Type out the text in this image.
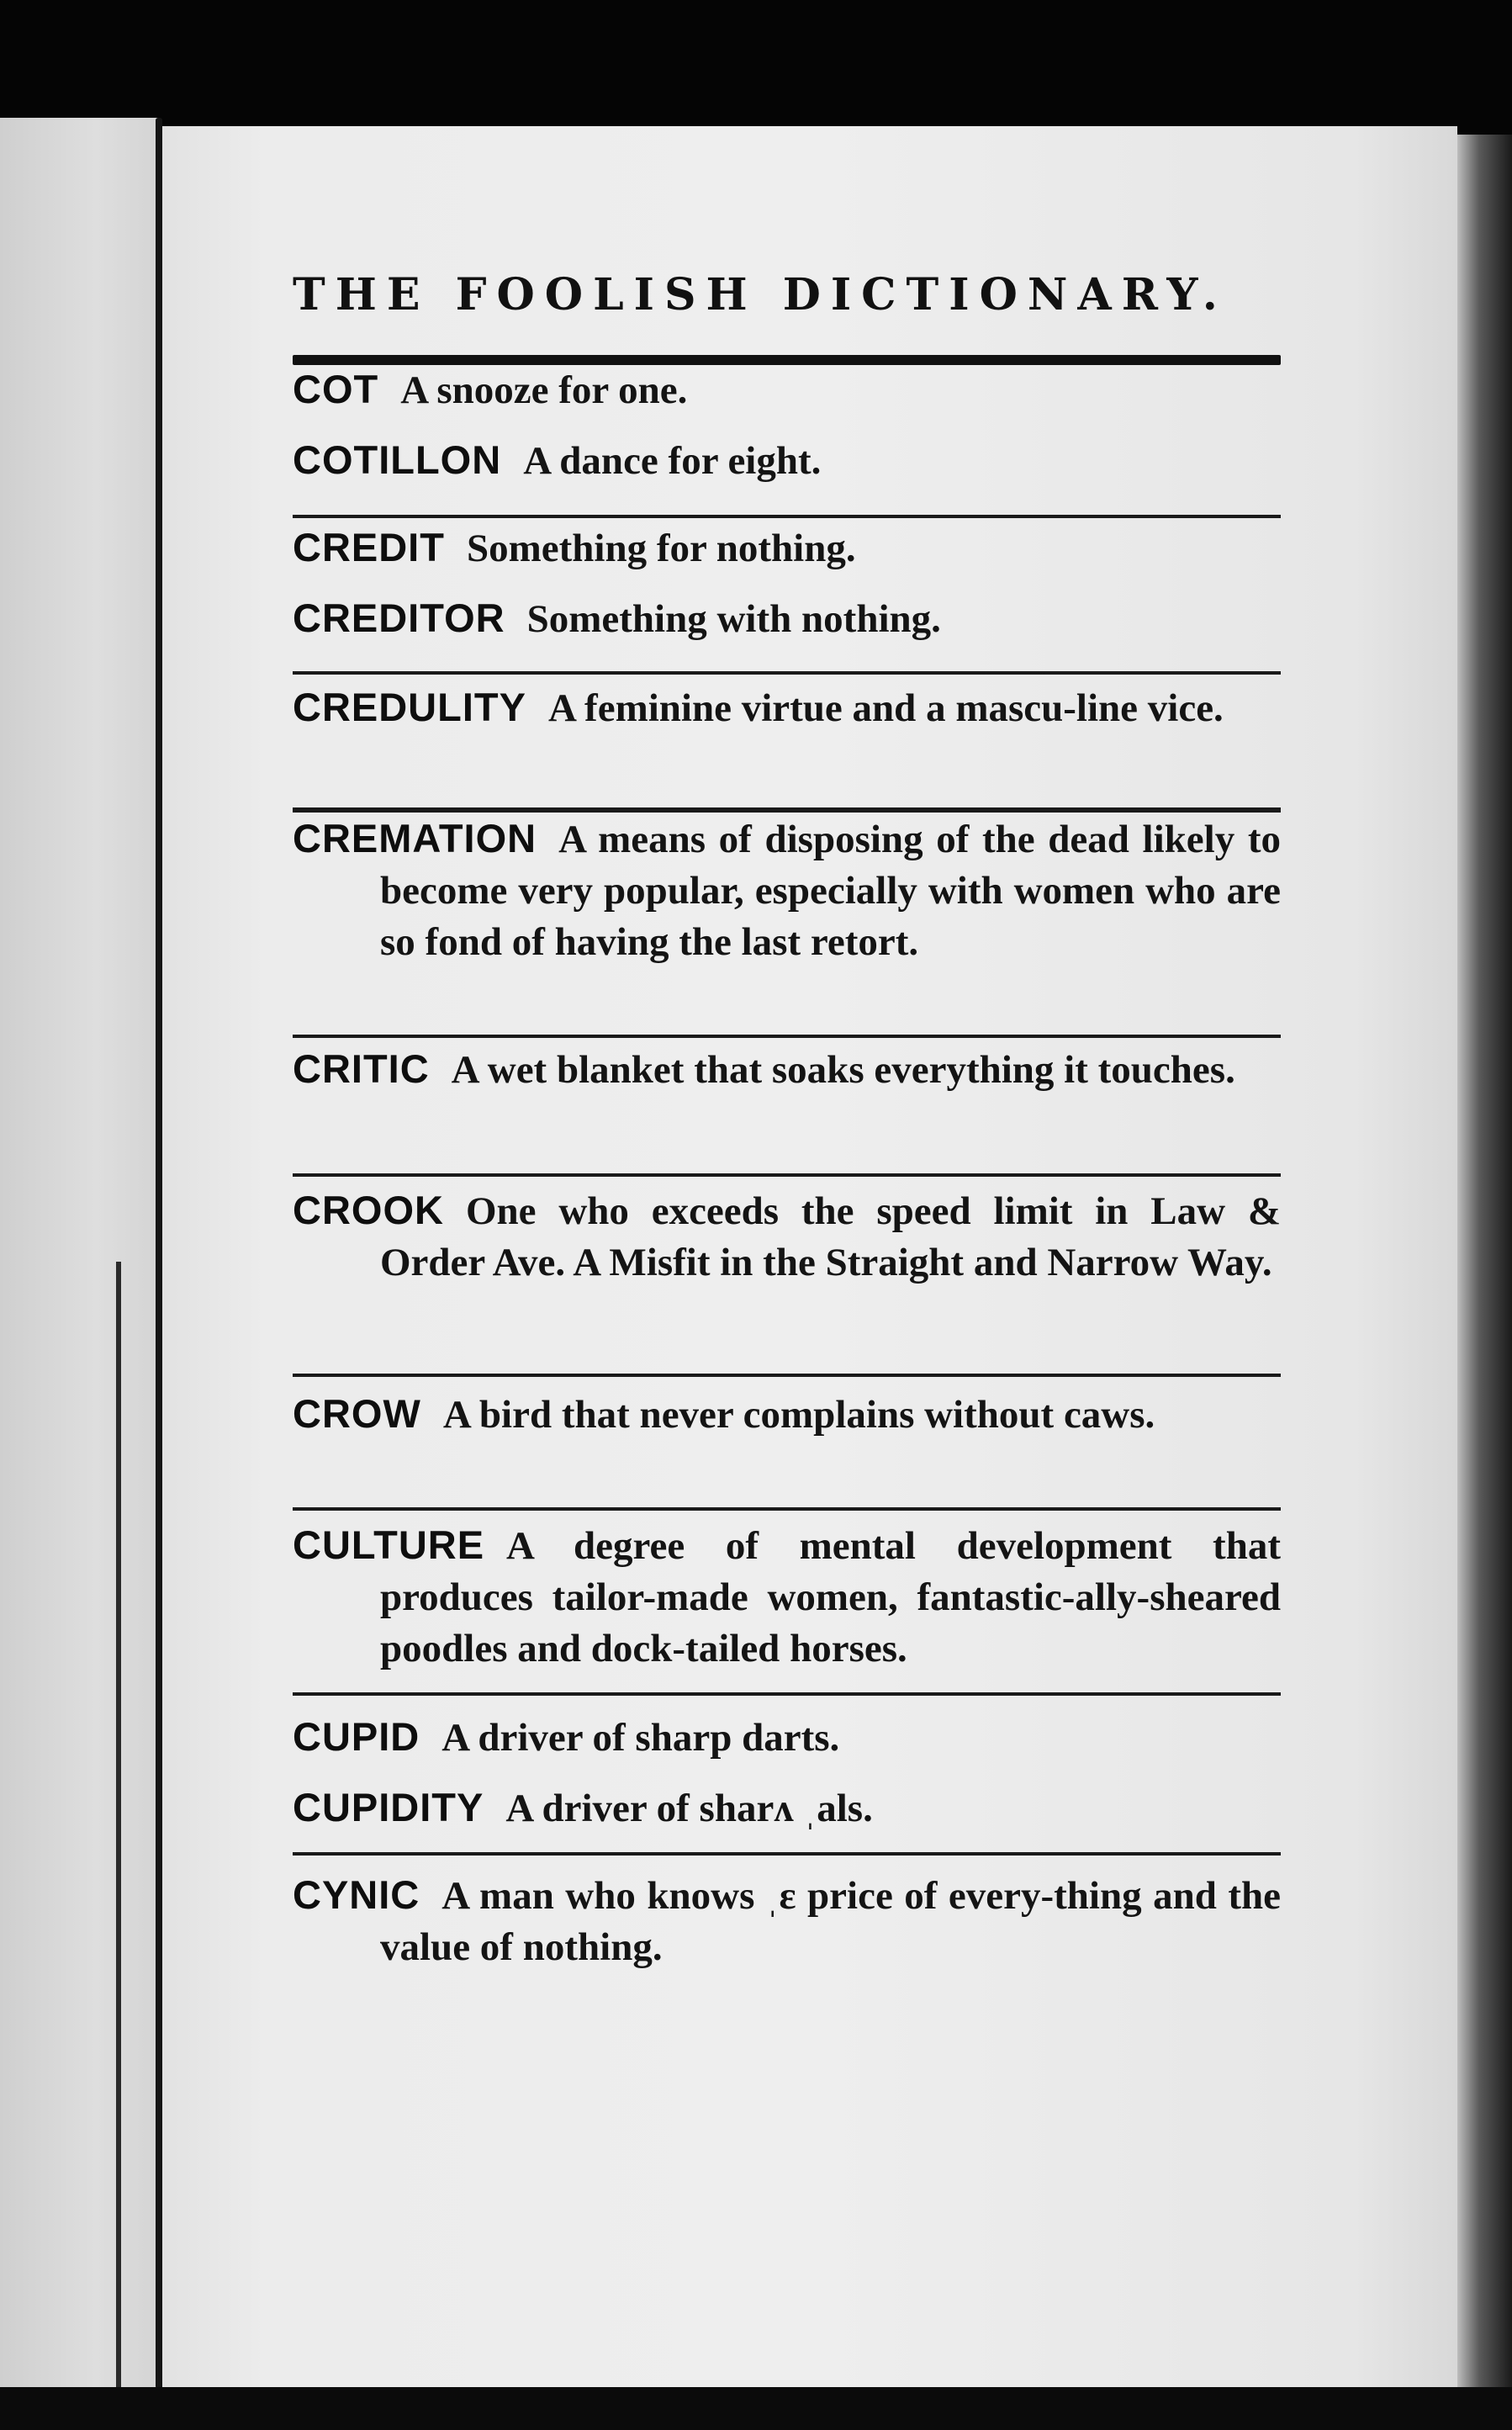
THE FOOLISH DICTIONARY.
COT A snooze for one.
COTILLON A dance for eight.
CREDIT Something for nothing.
CREDITOR Something with nothing.
CREDULITY A feminine virtue and a mascu-line vice.
CREMATION A means of disposing of the dead likely to become very popular, especially with women who are so fond of having the last retort.
CRITIC A wet blanket that soaks everything it touches.
CROOK One who exceeds the speed limit in Law & Order Ave. A Misfit in the Straight and Narrow Way.
CROW A bird that never complains without caws.
CULTURE A degree of mental development that produces tailor-made women, fantastic-ally-sheared poodles and dock-tailed horses.
CUPID A driver of sharp darts.
CUPIDITY A driver of sharʌ ˌals.
CYNIC A man who knows ˌε price of every-thing and the value of nothing.
